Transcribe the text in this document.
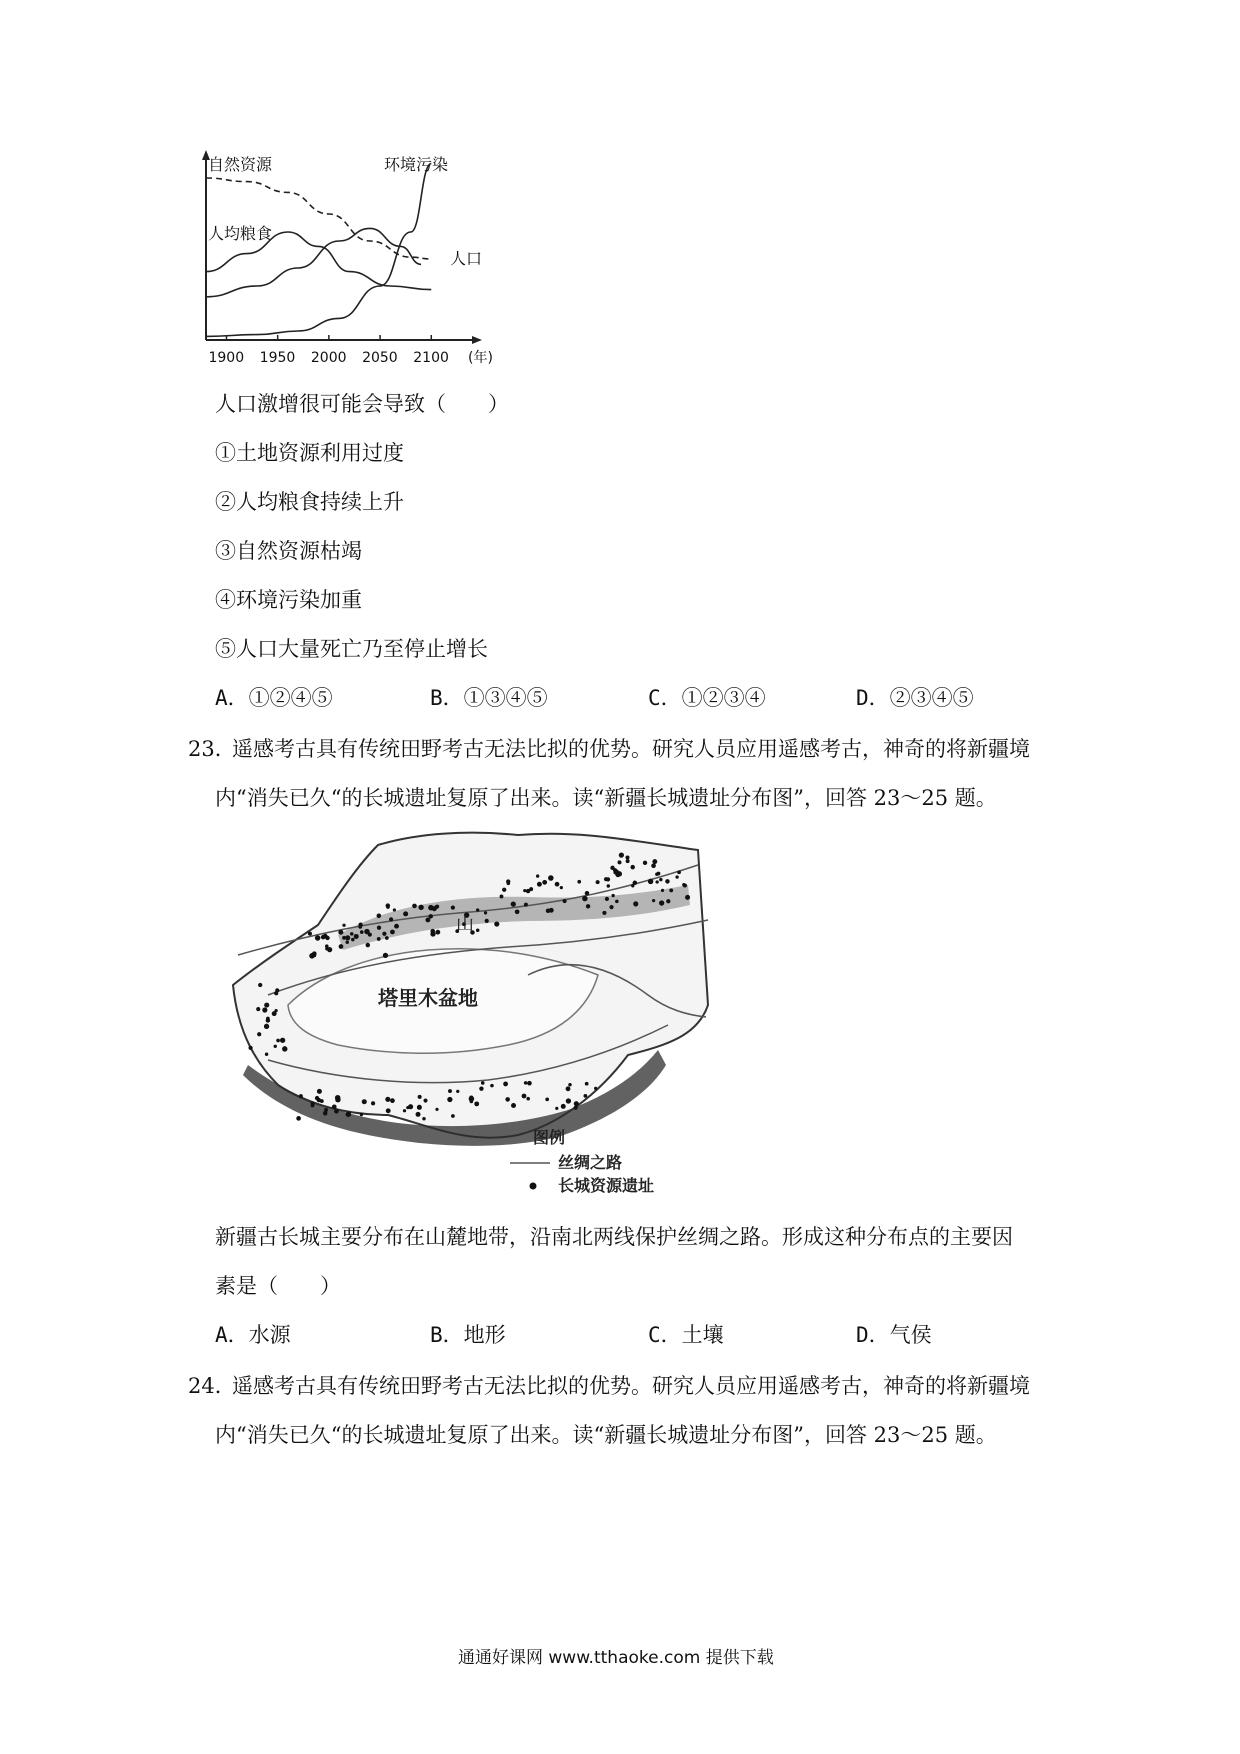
1900 1950 2000 2050 2100
自然资源	环境污染
人均粮食
人口
(年)
人口激增很可能会导致（　　）
①土地资源利用过度
②人均粮食持续上升
③自然资源枯竭
④环境污染加重
⑤人口大量死亡乃至停止增长
A．①②④⑤	B．①③④⑤	C．①②③④	D．②③④⑤
23．
遥感考古具有传统田野考古无法比拟的优势。研究人员应用遥感考古，神奇的将新疆境
内“消失已久“的长城遗址复原了出来。读“新疆长城遗址分布图”，回答 23～25 题。
塔里木盆地
山
图例
丝绸之路
长城资源遗址
新疆古长城主要分布在山麓地带，沿南北两线保护丝绸之路。形成这种分布点的主要因
素是（　　）
A．水源	B．地形	C．土壤	D．气侯
24．
遥感考古具有传统田野考古无法比拟的优势。研究人员应用遥感考古，神奇的将新疆境
内“消失已久“的长城遗址复原了出来。读“新疆长城遗址分布图”，回答 23～25 题。
通通好课网 www.tthaoke.com 提供下载
